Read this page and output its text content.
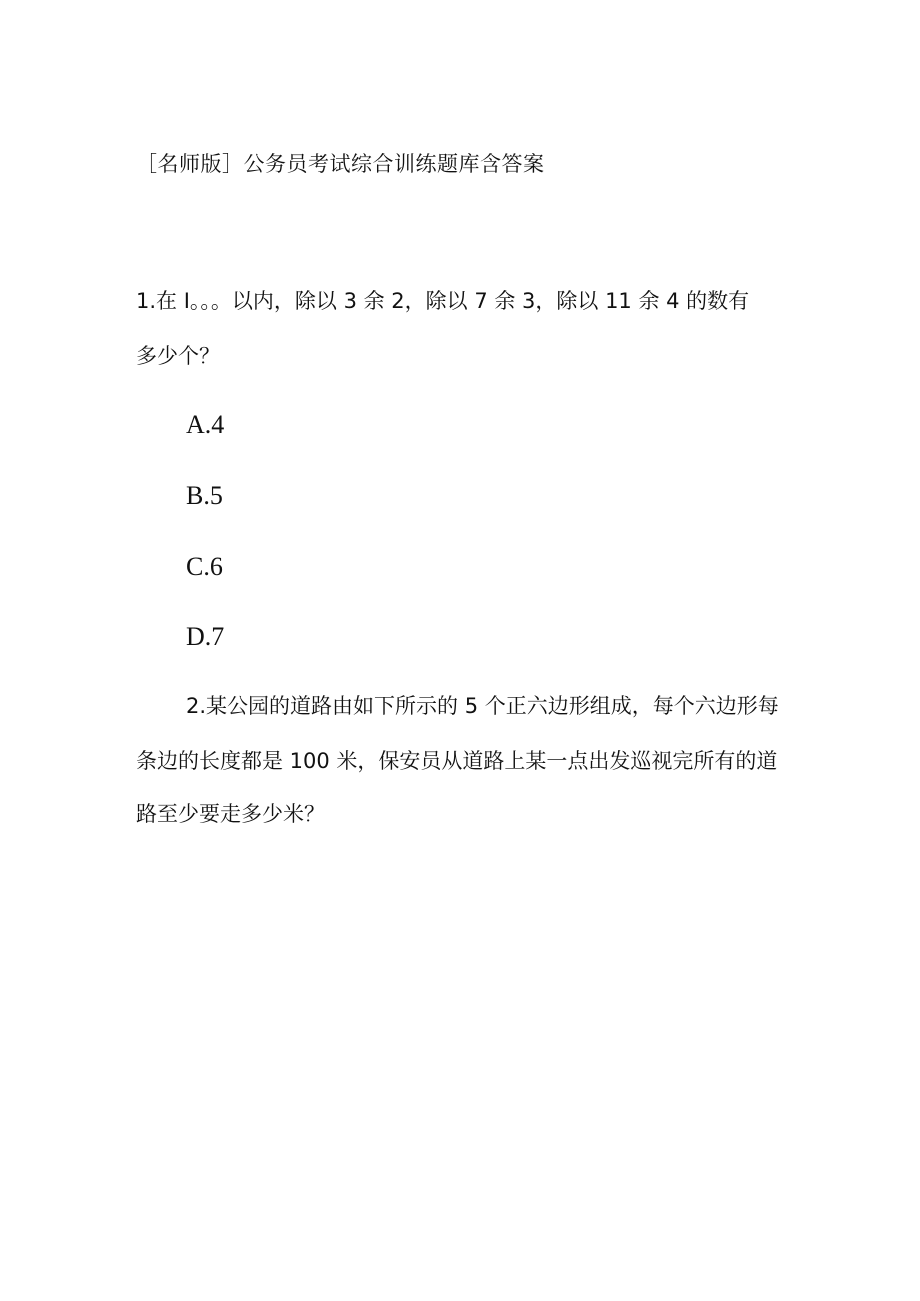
［名师版］公务员考试综合训练题库含答案
1.在 I。。。以内，除以 3 余 2，除以 7 余 3，除以 11 余 4 的数有
多少个？
A.4
B.5
C.6
D.7
2.某公园的道路由如下所示的 5 个正六边形组成，每个六边形每
条边的长度都是 100 米，保安员从道路上某一点出发巡视完所有的道
路至少要走多少米？
